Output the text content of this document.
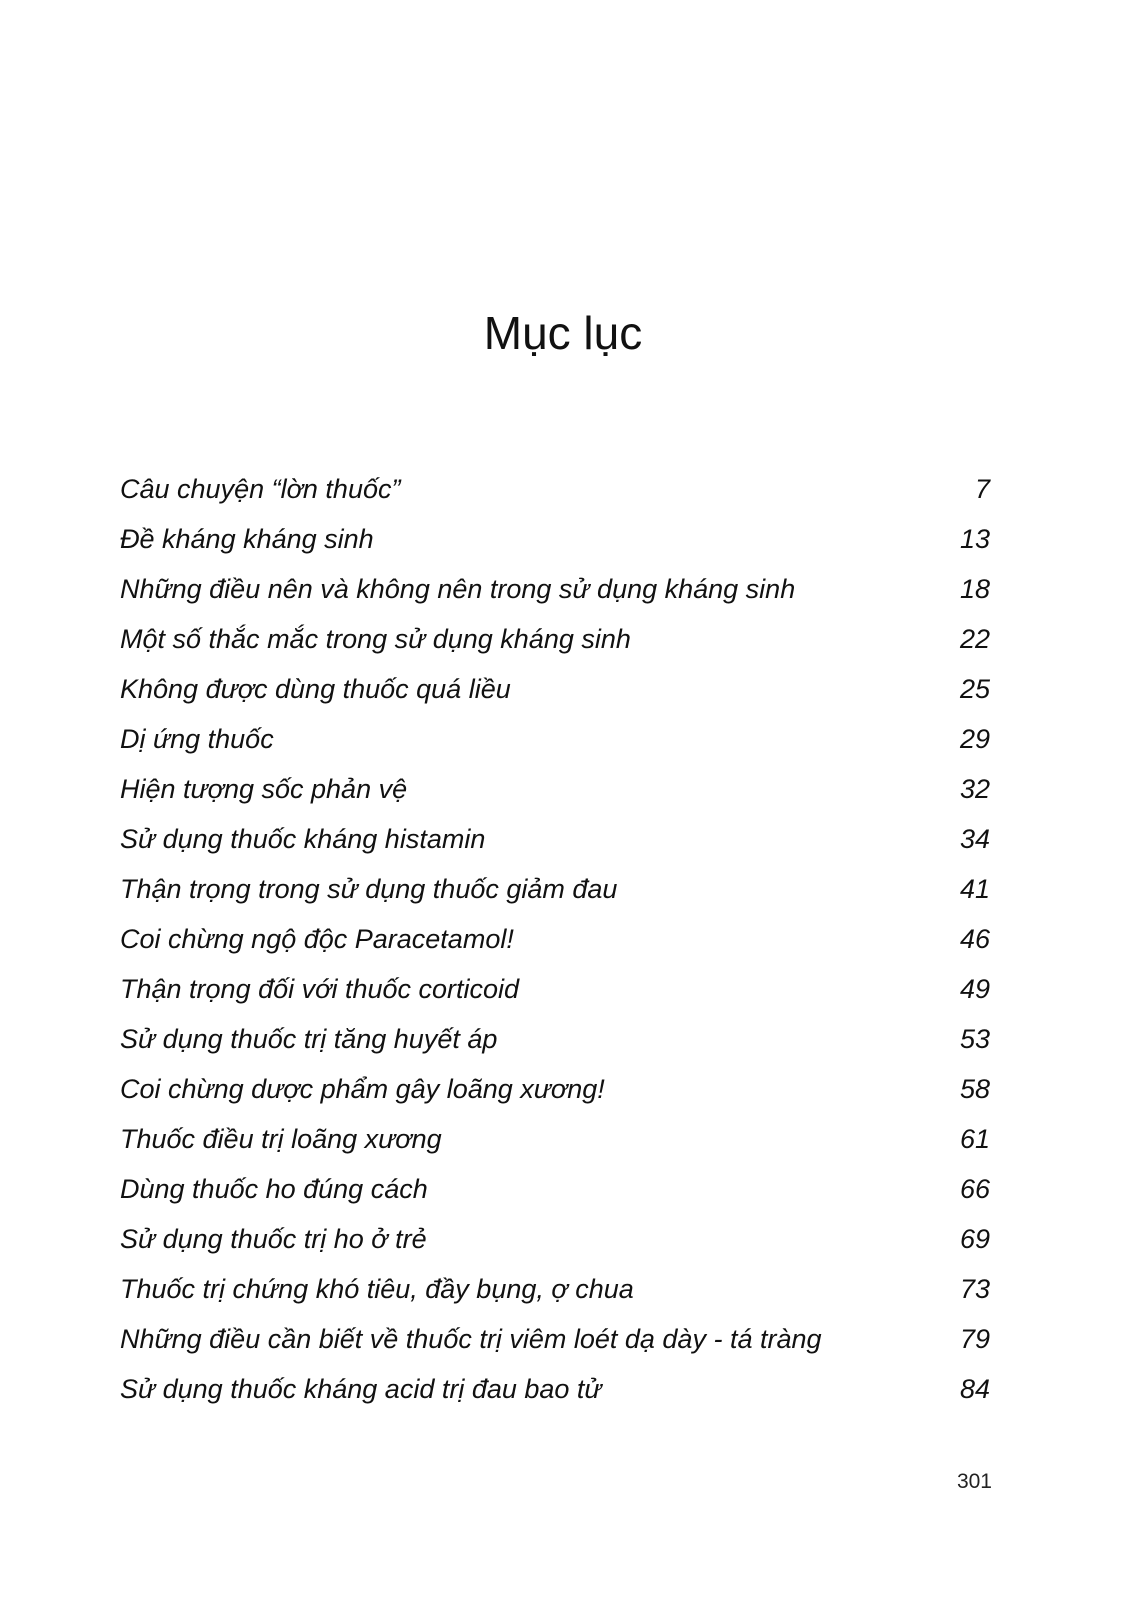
Mục lục
Câu chuyện “lờn thuốc”	7
Đề kháng kháng sinh	13
Những điều nên và không nên trong sử dụng kháng sinh	18
Một số thắc mắc trong sử dụng kháng sinh	22
Không được dùng thuốc quá liều	25
Dị ứng thuốc	29
Hiện tượng sốc phản vệ	32
Sử dụng thuốc kháng histamin	34
Thận trọng trong sử dụng thuốc giảm đau	41
Coi chừng ngộ độc Paracetamol!	46
Thận trọng đối với thuốc corticoid	49
Sử dụng thuốc trị tăng huyết áp	53
Coi chừng dược phẩm gây loãng xương!	58
Thuốc điều trị loãng xương	61
Dùng thuốc ho đúng cách	66
Sử dụng thuốc trị ho ở trẻ	69
Thuốc trị chứng khó tiêu, đầy bụng, ợ chua	73
Những điều cần biết về thuốc trị viêm loét dạ dày - tá tràng	79
Sử dụng thuốc kháng acid trị đau bao tử	84
301
